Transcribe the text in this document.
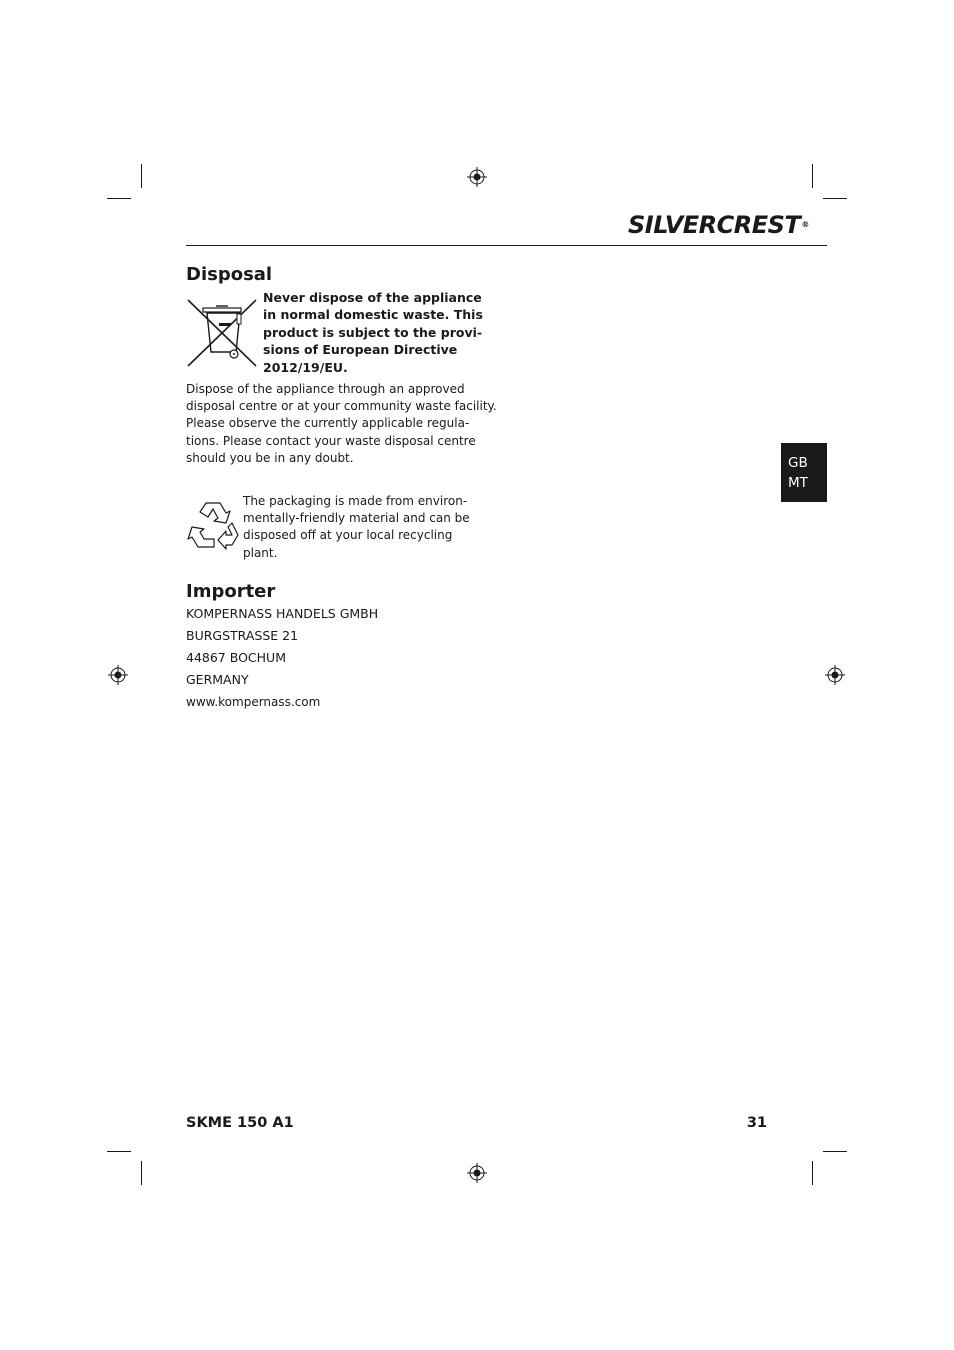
SILVERCREST®
Disposal
Never dispose of the appliance
in normal domestic waste. This
product is subject to the provi-
sions of European Directive
2012/19/EU.
Dispose of the appliance through an approved
disposal centre or at your community waste facility.
Please observe the currently applicable regula-
tions. Please contact your waste disposal centre
should you be in any doubt.
The packaging is made from environ-
mentally-friendly material and can be
disposed off at your local recycling
plant.
Importer
KOMPERNASS HANDELS GMBH
BURGSTRASSE 21
44867 BOCHUM
GERMANY
www.kompernass.com
GB
MT
SKME 150 A1	31
